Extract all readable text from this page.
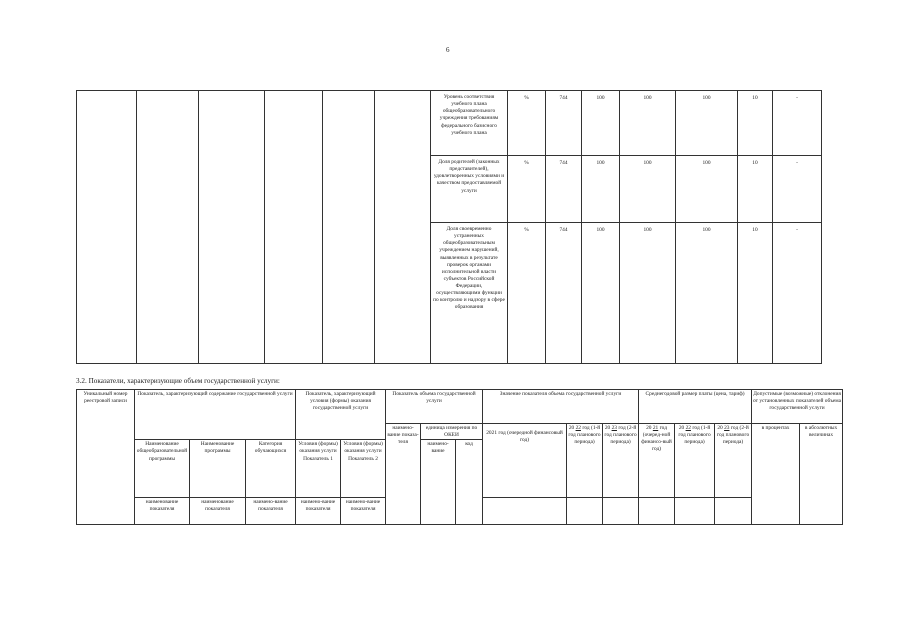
6
						Уровень соответствия учебного плана общеобразовательного учреждения требованиям федерального базисного учебного плана	%	744	100	100	100	10	-
						Доля родителей (законных представителей), удовлетворенных условиями и качеством предоставляемой услуги	%	744	100	100	100	10	-
						Доля своевременно устраненных общеобразовательным учреждением нарушений, выявленных в результате проверок органами исполнительной власти субъектов Российской Федерации, осуществляющими функции по контролю и надзору в сфере образования	%	744	100	100	100	10	-
3.2. Показатели, характеризующие объем государственной услуги:
Уникальный номер реестровой записи	Показатель, характеризующий содержание государственной услуги			Показатель, характеризующий условия (формы) оказания государственной услуги		Показатель объема государственной услуги			Значение показателя объема государственной услуги			Среднегодовой размер платы (цена, тариф)			Допустимые (возможные) отклонения от установленных показателей объема государственной услуги	
						наимено-вание показа-теля	единица измерения по ОКЕИ		2021 год (очередной финансовый год)	20 22 год (1-й год планового периода)	20 23 год (2-й год планового периода)	20 21 год (очеред-ной финансо-вый год)	20 22 год (1-й год планового периода)	20 23 год (2-й год планового периода)	в процентах	в абсолютных величинах
	Наименование общеобразовательной программы	Наименование программы	Категория обучающихся	Условия (формы) оказания услуги Показатель 1	Условия (формы) оказания услуги Показатель 2		наимено-вание	код								
	наименование показателя	наименование показателя	наимено-вание показателя	наимено-вание показателя	наимено-вание показателя											
